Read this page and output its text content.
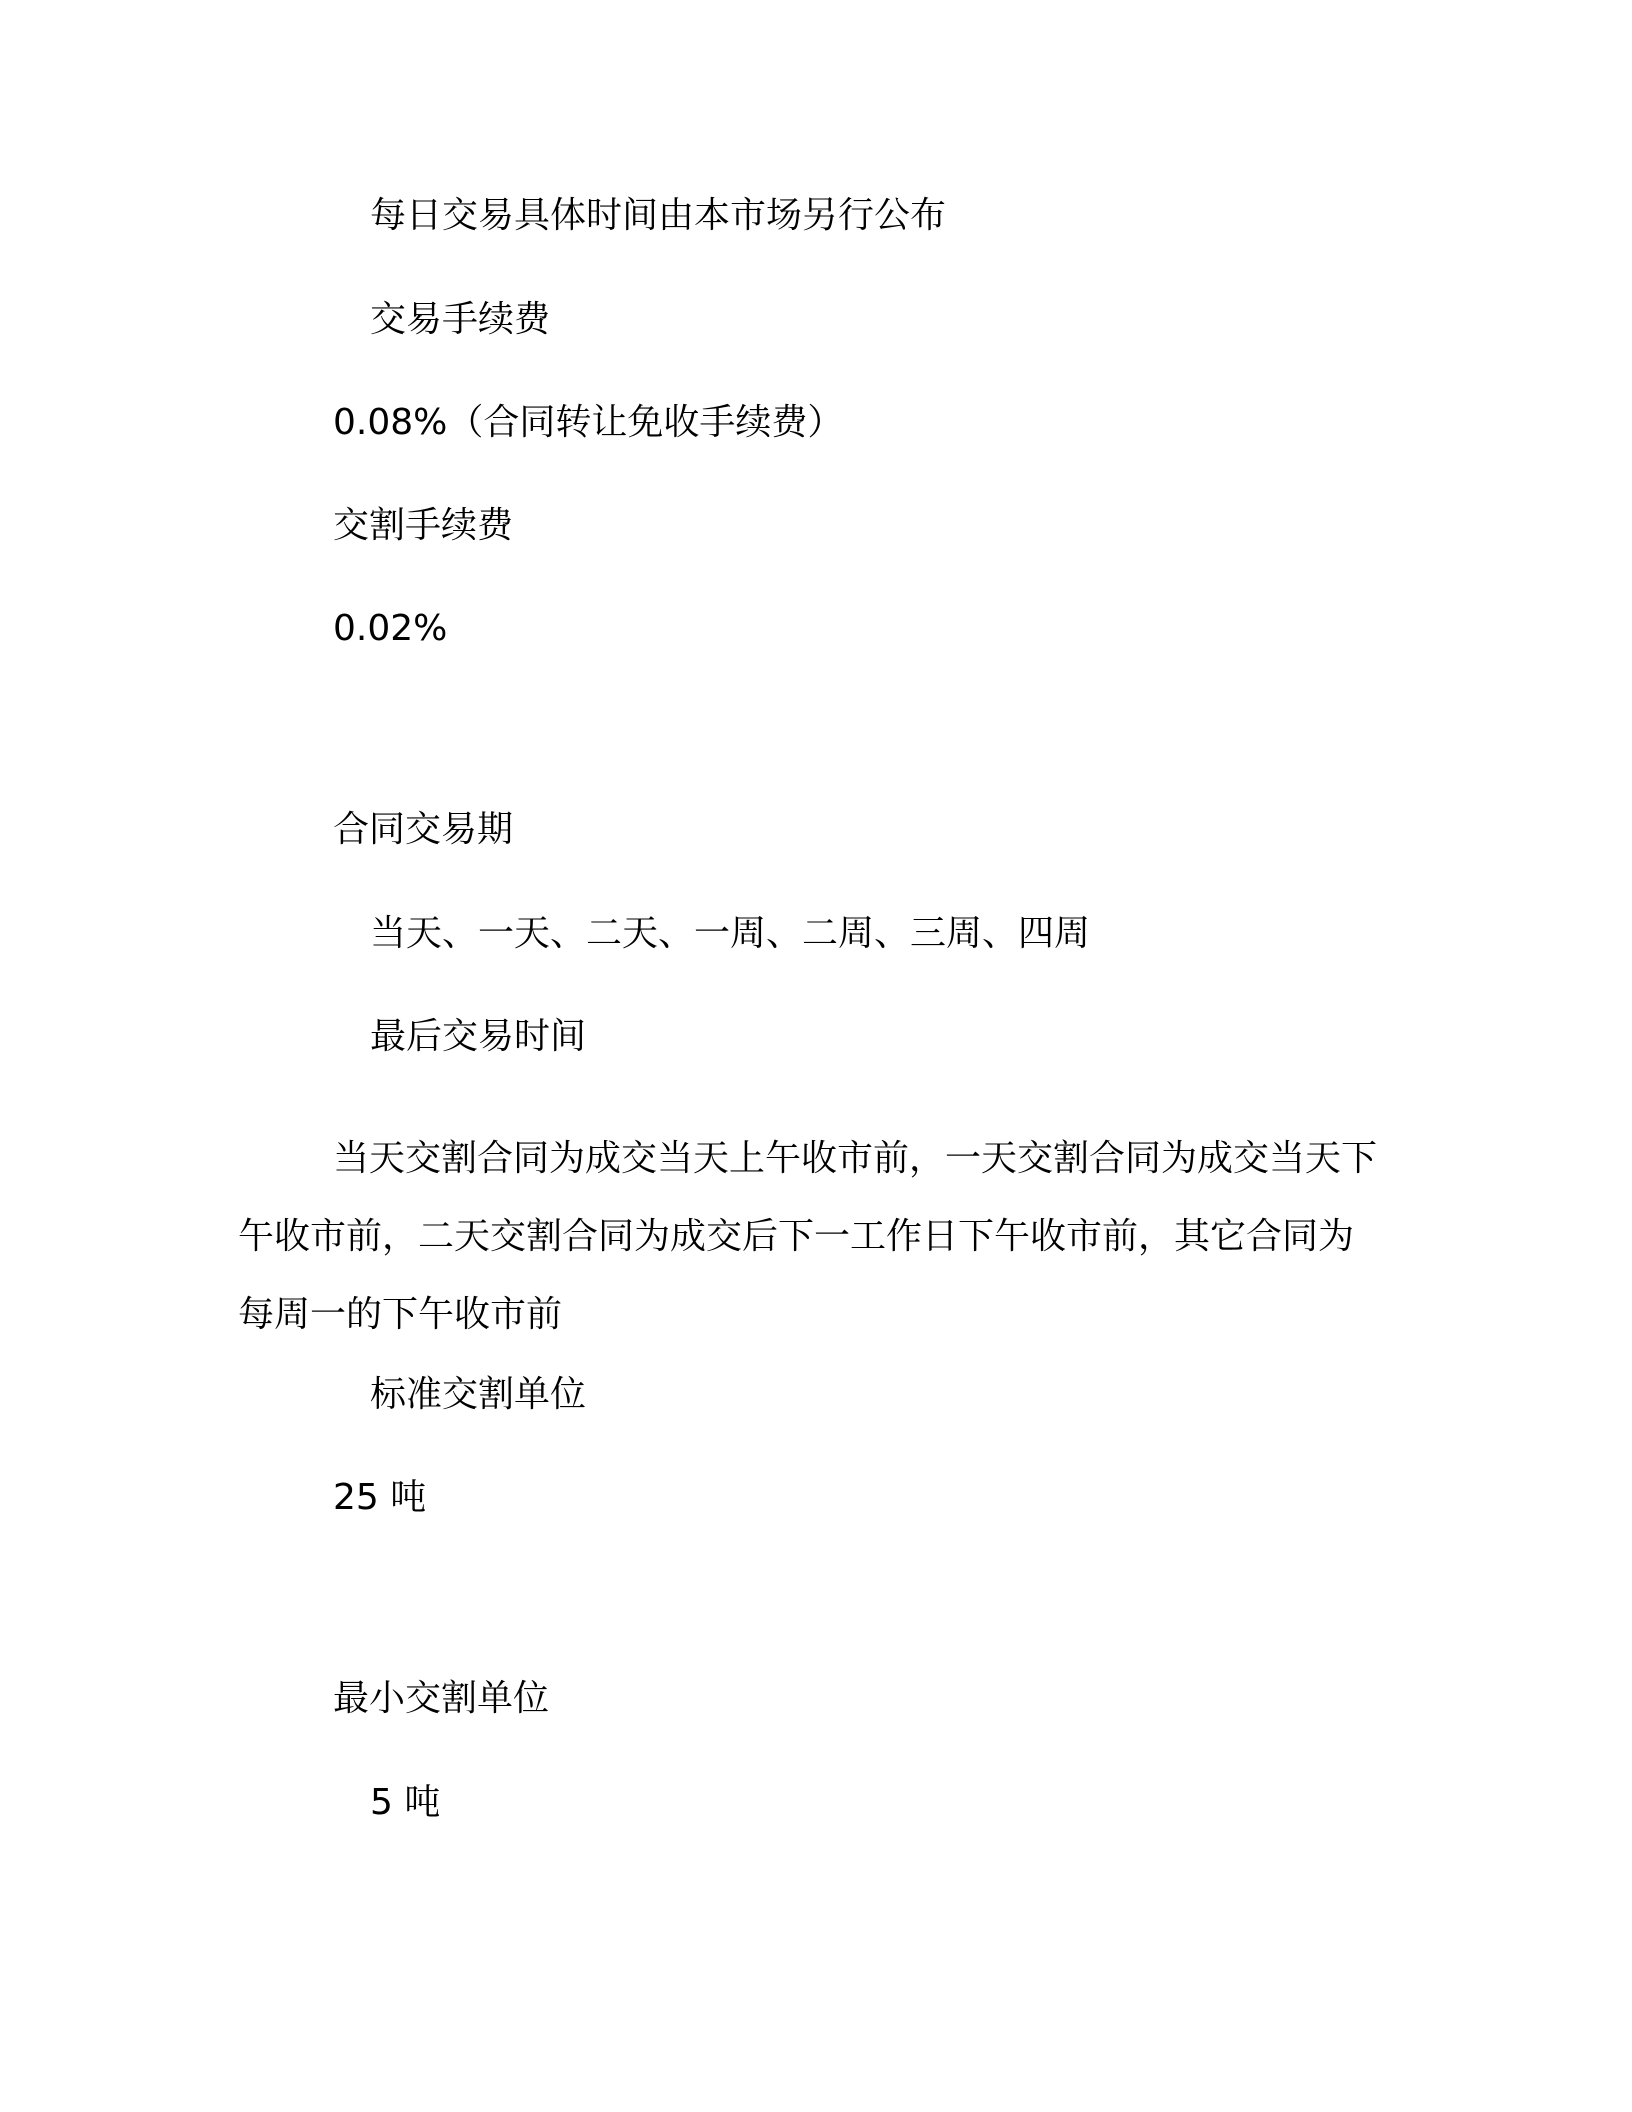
每日交易具体时间由本市场另行公布

交易手续费

0.08%（合同转让免收手续费）

交割手续费

0.02%

合同交易期

当天、一天、二天、一周、二周、三周、四周

最后交易时间

当天交割合同为成交当天上午收市前，一天交割合同为成交当天下午收市前，二天交割合同为成交后下一工作日下午收市前，其它合同为每周一的下午收市前

标准交割单位

25 吨

最小交割单位

5 吨
